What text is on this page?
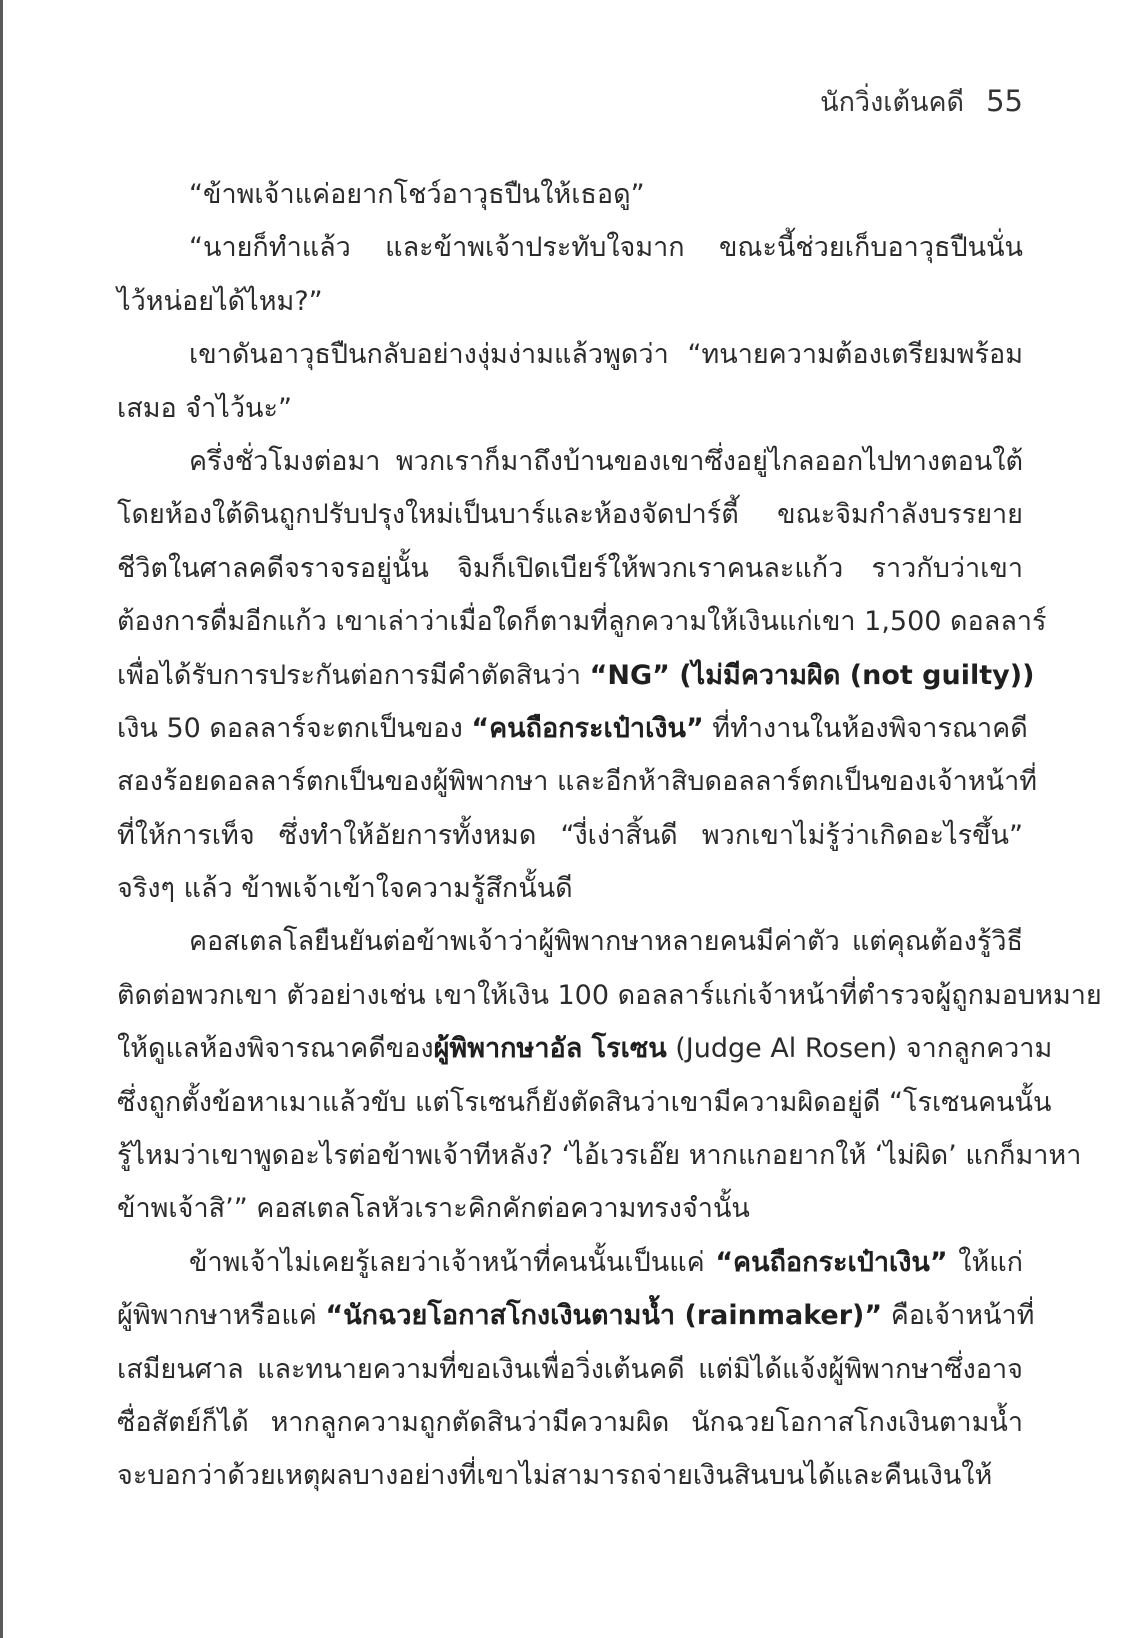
นักวิ่งเต้นคดี 55
“ข้าพเจ้าแค่อยากโชว์อาวุธปืนให้เธอดู”
“นายก็ทำแล้ว และข้าพเจ้าประทับใจมาก ขณะนี้ช่วยเก็บอาวุธปืนนั่น
ไว้หน่อยได้ไหม?”
เขาดันอาวุธปืนกลับอย่างงุ่มง่ามแล้วพูดว่า “ทนายความต้องเตรียมพร้อม
เสมอ จำไว้นะ”
ครึ่งชั่วโมงต่อมา พวกเราก็มาถึงบ้านของเขาซึ่งอยู่ไกลออกไปทางตอนใต้
โดยห้องใต้ดินถูกปรับปรุงใหม่เป็นบาร์และห้องจัดปาร์ตี้ ขณะจิมกำลังบรรยาย
ชีวิตในศาลคดีจราจรอยู่นั้น จิมก็เปิดเบียร์ให้พวกเราคนละแก้ว ราวกับว่าเขา
ต้องการดื่มอีกแก้ว เขาเล่าว่าเมื่อใดก็ตามที่ลูกความให้เงินแก่เขา 1,500 ดอลลาร์
เพื่อได้รับการประกันต่อการมีคำตัดสินว่า “NG” (ไม่มีความผิด (not guilty))
เงิน 50 ดอลลาร์จะตกเป็นของ “คนถือกระเป๋าเงิน” ที่ทำงานในห้องพิจารณาคดี
สองร้อยดอลลาร์ตกเป็นของผู้พิพากษา และอีกห้าสิบดอลลาร์ตกเป็นของเจ้าหน้าที่
ที่ให้การเท็จ ซึ่งทำให้อัยการทั้งหมด “งี่เง่าสิ้นดี พวกเขาไม่รู้ว่าเกิดอะไรขึ้น”
จริงๆ แล้ว ข้าพเจ้าเข้าใจความรู้สึกนั้นดี
คอสเตลโลยืนยันต่อข้าพเจ้าว่าผู้พิพากษาหลายคนมีค่าตัว แต่คุณต้องรู้วิธี
ติดต่อพวกเขา ตัวอย่างเช่น เขาให้เงิน 100 ดอลลาร์แก่เจ้าหน้าที่ตำรวจผู้ถูกมอบหมาย
ให้ดูแลห้องพิจารณาคดีของผู้พิพากษาอัล โรเซน (Judge Al Rosen) จากลูกความ
ซึ่งถูกตั้งข้อหาเมาแล้วขับ แต่โรเซนก็ยังตัดสินว่าเขามีความผิดอยู่ดี “โรเซนคนนั้น
รู้ไหมว่าเขาพูดอะไรต่อข้าพเจ้าทีหลัง? ‘ไอ้เวรเอ๊ย หากแกอยากให้ ‘ไม่ผิด’ แกก็มาหา
ข้าพเจ้าสิ’” คอสเตลโลหัวเราะคิกคักต่อความทรงจำนั้น
ข้าพเจ้าไม่เคยรู้เลยว่าเจ้าหน้าที่คนนั้นเป็นแค่ “คนถือกระเป๋าเงิน” ให้แก่
ผู้พิพากษาหรือแค่ “นักฉวยโอกาสโกงเงินตามน้ำ (rainmaker)” คือเจ้าหน้าที่
เสมียนศาล และทนายความที่ขอเงินเพื่อวิ่งเต้นคดี แต่มิได้แจ้งผู้พิพากษาซึ่งอาจ
ซื่อสัตย์ก็ได้ หากลูกความถูกตัดสินว่ามีความผิด นักฉวยโอกาสโกงเงินตามน้ำ
จะบอกว่าด้วยเหตุผลบางอย่างที่เขาไม่สามารถจ่ายเงินสินบนได้และคืนเงินให้
